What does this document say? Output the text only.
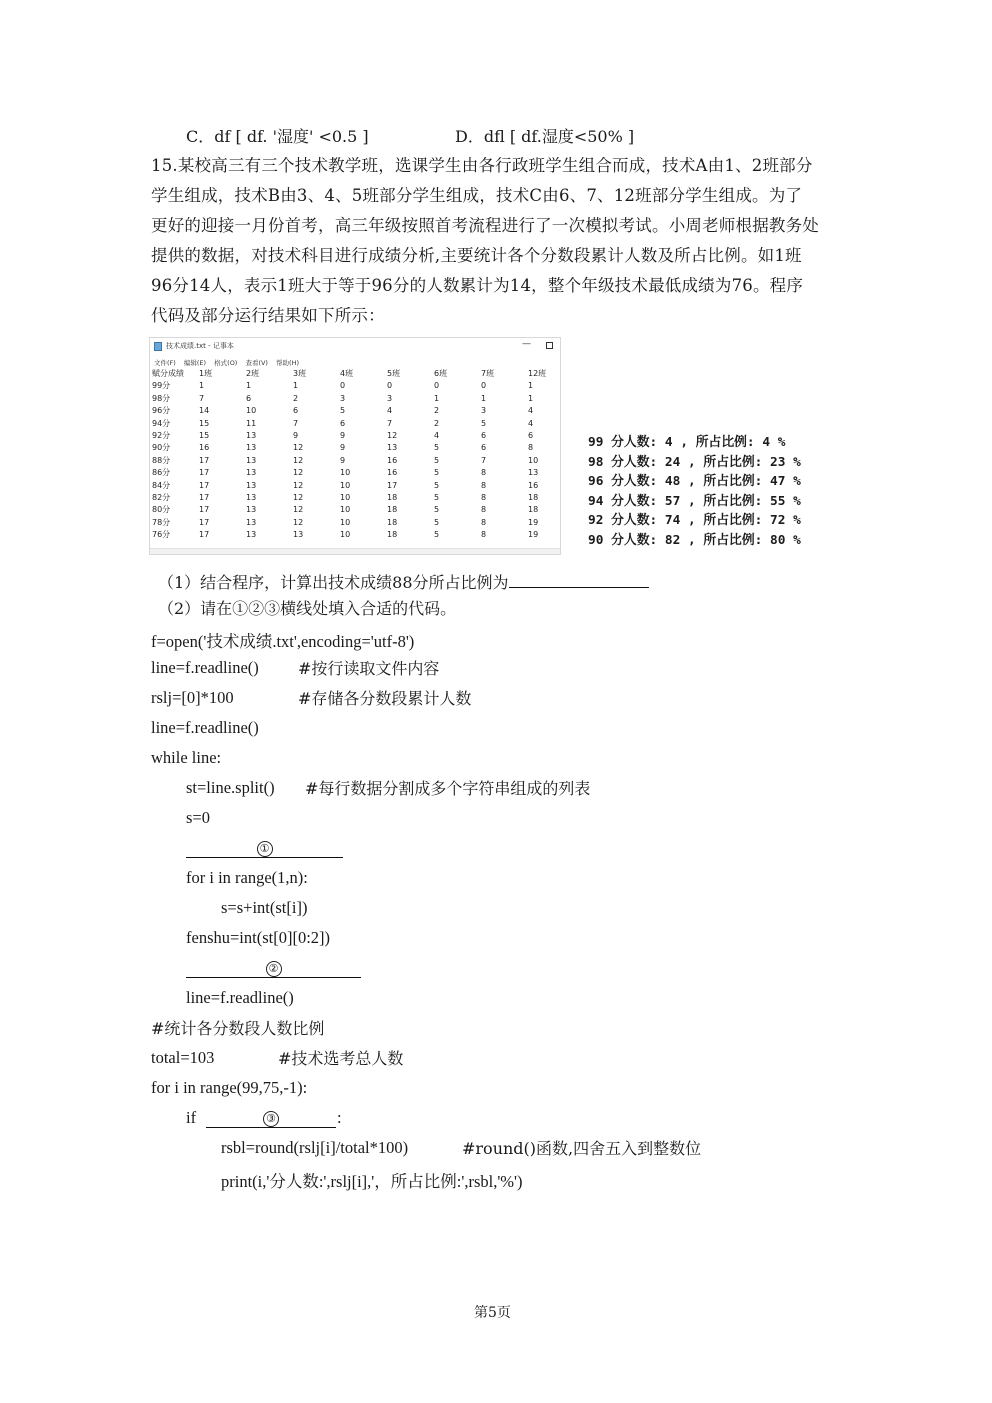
C．df [ df. '湿度' <0.5 ]	D．dfl [ df.湿度<50% ]
15.某校高三有三个技术教学班，选课学生由各行政班学生组合而成，技术A由1、2班部分
学生组成，技术B由3、4、5班部分学生组成，技术C由6、7、12班部分学生组成。为了
更好的迎接一月份首考，高三年级按照首考流程进行了一次模拟考试。小周老师根据教务处
提供的数据，对技术科目进行成绩分析,主要统计各个分数段累计人数及所占比例。如1班
96分14人，表示1班大于等于96分的人数累计为14，整个年级技术最低成绩为76。程序
代码及部分运行结果如下所示：
技术成绩.txt - 记事本	—
文件(F) 编辑(E) 格式(O) 查看(V) 帮助(H)
赋分成绩	1班	2班	3班	4班	5班	6班	7班	12班
99分	1	1	1	0	0	0	0	1
98分	7	6	2	3	3	1	1	1
96分	14	10	6	5	4	2	3	4
94分	15	11	7	6	7	2	5	4
92分	15	13	9	9	12	4	6	6
90分	16	13	12	9	13	5	6	8
88分	17	13	12	9	16	5	7	10
86分	17	13	12	10	16	5	8	13
84分	17	13	12	10	17	5	8	16
82分	17	13	12	10	18	5	8	18
80分	17	13	12	10	18	5	8	18
78分	17	13	12	10	18	5	8	19
76分	17	13	13	10	18	5	8	19
99 分人数: 4 , 所占比例: 4 %
98 分人数: 24 , 所占比例: 23 %
96 分人数: 48 , 所占比例: 47 %
94 分人数: 57 , 所占比例: 55 %
92 分人数: 74 , 所占比例: 72 %
90 分人数: 82 , 所占比例: 80 %
（1）结合程序，计算出技术成绩88分所占比例为
（2）请在①②③横线处填入合适的代码。
f=open('技术成绩.txt',encoding='utf-8')
line=f.readline() #按行读取文件内容
rslj=[0]*100	#存储各分数段累计人数
line=f.readline()
while line:
st=line.split() #每行数据分割成多个字符串组成的列表
s=0
①
for i in range(1,n):
s=s+int(st[i])
fenshu=int(st[0][0:2])
②
line=f.readline()
#统计各分数段人数比例
total=103	#技术选考总人数
for i in range(99,75,-1):
if	③	:
rsbl=round(rslj[i]/total*100)	#round()函数,四舍五入到整数位
print(i,'分人数:',rslj[i],'，所占比例:',rsbl,'%')
第5页
